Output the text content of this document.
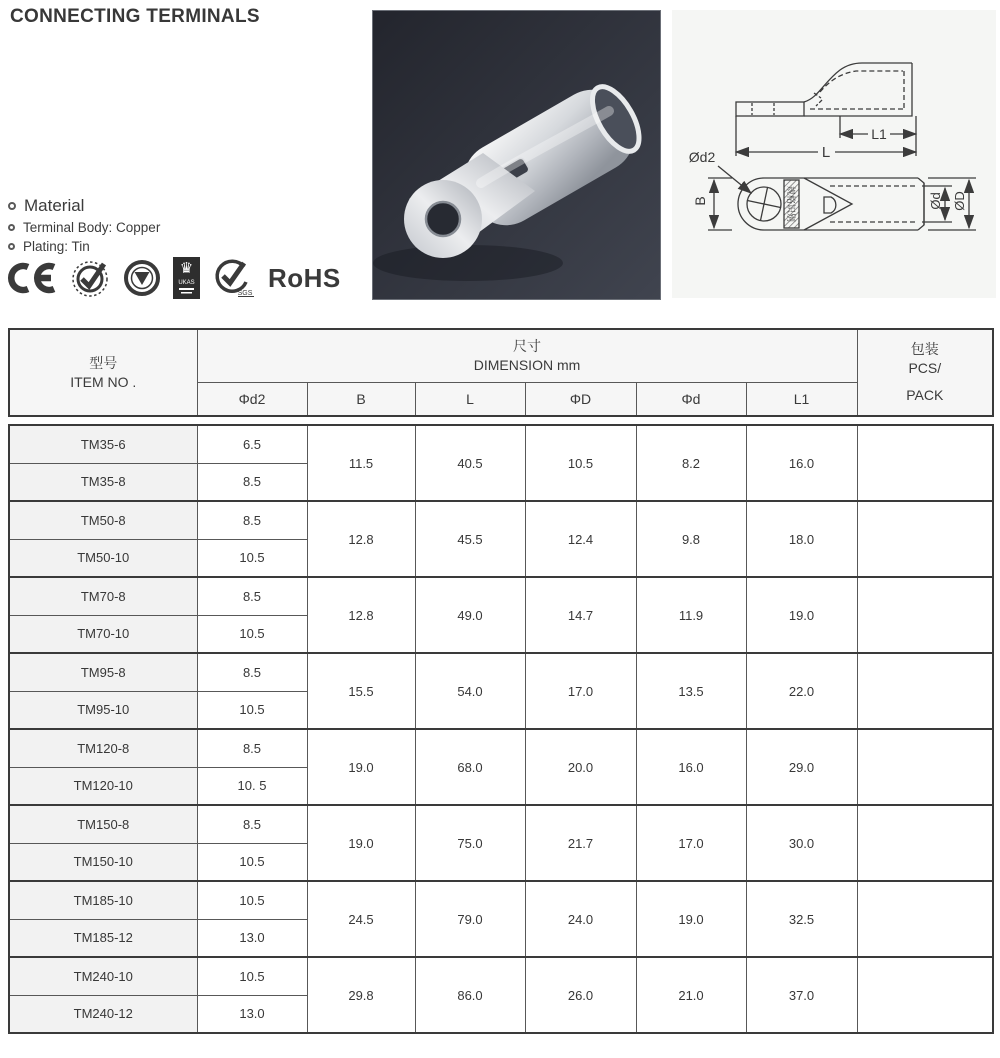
CONNECTING TERMINALS
Material
Terminal Body: Copper
Plating: Tin
♛
UKAS
SGS
RoHS
L1
L
Ød2
B	Ød ØD
规格识别
型号
ITEM NO .

尺寸
DIMENSION mm

包装
PCS/
PACK

	Φd2	B	L	ΦD	Φd	L1	
TM35-6	6.5	11.5	40.5	10.5	8.2	16.0	
TM35-8	8.5						
TM50-8	8.5	12.8	45.5	12.4	9.8	18.0	
TM50-10	10.5						
TM70-8	8.5	12.8	49.0	14.7	11.9	19.0	
TM70-10	10.5						
TM95-8	8.5	15.5	54.0	17.0	13.5	22.0	
TM95-10	10.5						
TM120-8	8.5	19.0	68.0	20.0	16.0	29.0	
TM120-10	10. 5						
TM150-8	8.5	19.0	75.0	21.7	17.0	30.0	
TM150-10	10.5						
TM185-10	10.5	24.5	79.0	24.0	19.0	32.5	
TM185-12	13.0						
TM240-10	10.5	29.8	86.0	26.0	21.0	37.0	
TM240-12	13.0						
